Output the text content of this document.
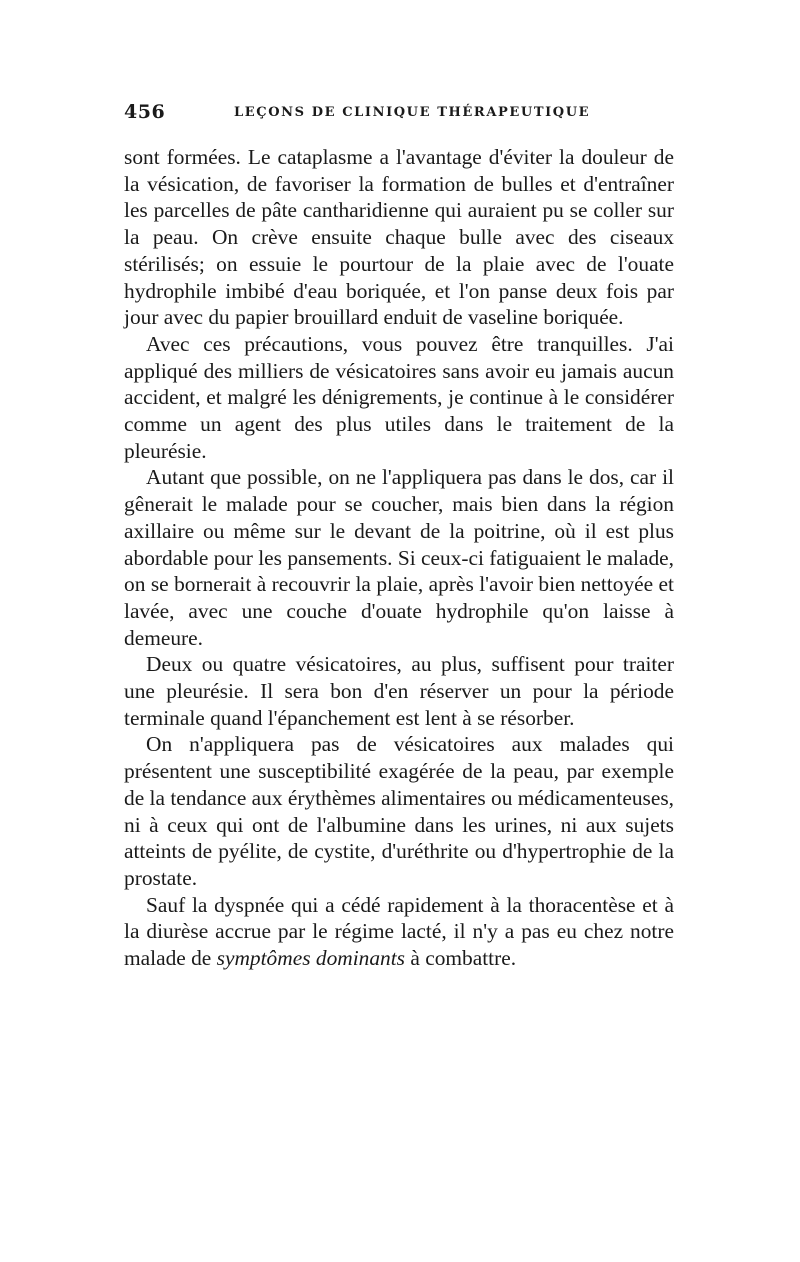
456	LEÇONS DE CLINIQUE THÉRAPEUTIQUE

sont formées. Le cataplasme a l'avantage d'éviter la douleur de la vésication, de favoriser la formation de bulles et d'entraîner les parcelles de pâte cantharidienne qui auraient pu se coller sur la peau. On crève ensuite chaque bulle avec des ciseaux stérilisés; on essuie le pourtour de la plaie avec de l'ouate hydrophile imbibé d'eau boriquée, et l'on panse deux fois par jour avec du papier brouillard enduit de vaseline boriquée.

Avec ces précautions, vous pouvez être tranquilles. J'ai appliqué des milliers de vésicatoires sans avoir eu jamais aucun accident, et malgré les dénigrements, je continue à le considérer comme un agent des plus utiles dans le traitement de la pleurésie.

Autant que possible, on ne l'appliquera pas dans le dos, car il gênerait le malade pour se coucher, mais bien dans la région axillaire ou même sur le devant de la poitrine, où il est plus abordable pour les pansements. Si ceux-ci fatiguaient le malade, on se bornerait à recouvrir la plaie, après l'avoir bien nettoyée et lavée, avec une couche d'ouate hydrophile qu'on laisse à demeure.

Deux ou quatre vésicatoires, au plus, suffisent pour traiter une pleurésie. Il sera bon d'en réserver un pour la période terminale quand l'épanchement est lent à se résorber.

On n'appliquera pas de vésicatoires aux malades qui présentent une susceptibilité exagérée de la peau, par exemple de la tendance aux érythèmes alimentaires ou médicamenteuses, ni à ceux qui ont de l'albumine dans les urines, ni aux sujets atteints de pyélite, de cystite, d'uréthrite ou d'hypertrophie de la prostate.

Sauf la dyspnée qui a cédé rapidement à la thoracentèse et à la diurèse accrue par le régime lacté, il n'y a pas eu chez notre malade de symptômes dominants à combattre.
